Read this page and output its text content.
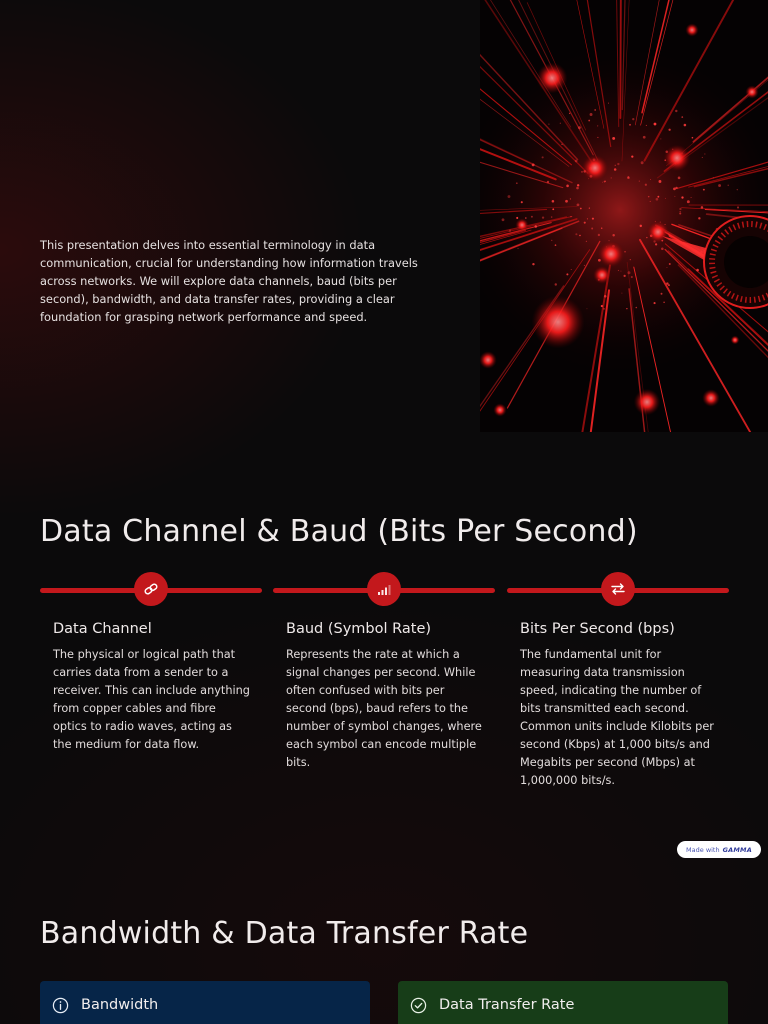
This presentation delves into essential terminology in data communication, crucial for understanding how information travels across networks. We will explore data channels, baud (bits per second), bandwidth, and data transfer rates, providing a clear foundation for grasping network performance and speed.

Data Channel & Baud (Bits Per Second)
Data Channel

The physical or logical path that carries data from a sender to a receiver. This can include anything from copper cables and fibre optics to radio waves, acting as the medium for data flow.

Baud (Symbol Rate)

Represents the rate at which a signal changes per second. While often confused with bits per second (bps), baud refers to the number of symbol changes, where each symbol can encode multiple bits.

Bits Per Second (bps)

The fundamental unit for measuring data transmission speed, indicating the number of bits transmitted each second. Common units include Kilobits per second (Kbps) at 1,000 bits/s and Megabits per second (Mbps) at 1,000,000 bits/s.

Made with GAMMA
Bandwidth & Data Transfer Rate
Bandwidth	Data Transfer Rate
